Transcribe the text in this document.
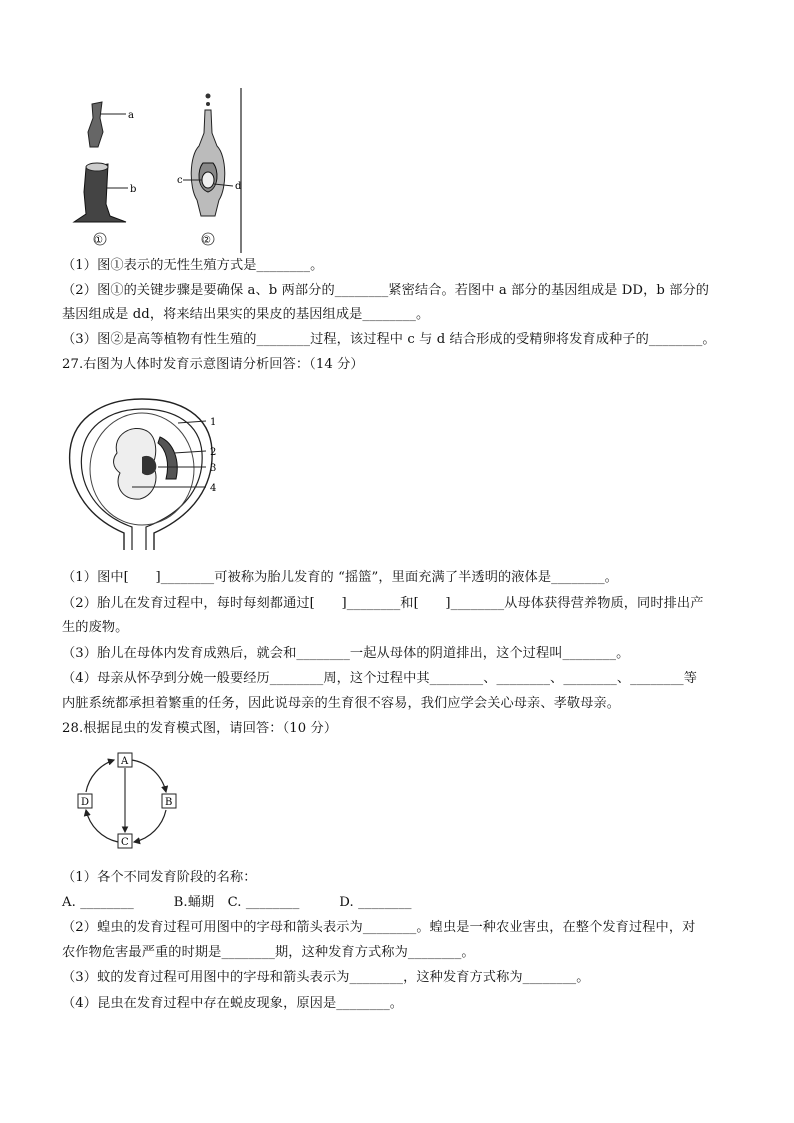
a
b
①
c
d
②
（1）图①表示的无性生殖方式是________。
（2）图①的关键步骤是要确保 a、b 两部分的________紧密结合。若图中 a 部分的基因组成是 DD，b 部分的
基因组成是 dd，将来结出果实的果皮的基因组成是________。
（3）图②是高等植物有性生殖的________过程，该过程中 c 与 d 结合形成的受精卵将发育成种子的________。
27.右图为人体时发育示意图请分析回答：（14 分）
1
2
3
4
（1）图中[　　]________可被称为胎儿发育的 “摇篮”，里面充满了半透明的液体是________。
（2）胎儿在发育过程中，每时每刻都通过[　　]________和[　　]________从母体获得营养物质，同时排出产
生的废物。
（3）胎儿在母体内发育成熟后，就会和________一起从母体的阴道排出，这个过程叫________。
（4）母亲从怀孕到分娩一般要经历________周，这个过程中其________、________、________、________等
内脏系统都承担着繁重的任务，因此说母亲的生育很不容易，我们应学会关心母亲、孝敬母亲。
28.根据昆虫的发育模式图，请回答：（10 分）
A
B
C
D
（1）各个不同发育阶段的名称：
A. ________　　　B.蛹期　C. ________　　　D. ________
（2）蝗虫的发育过程可用图中的字母和箭头表示为________。蝗虫是一种农业害虫，在整个发育过程中，对
农作物危害最严重的时期是________期，这种发育方式称为________。
（3）蚊的发育过程可用图中的字母和箭头表示为________，这种发育方式称为________。
（4）昆虫在发育过程中存在蜕皮现象，原因是________。
